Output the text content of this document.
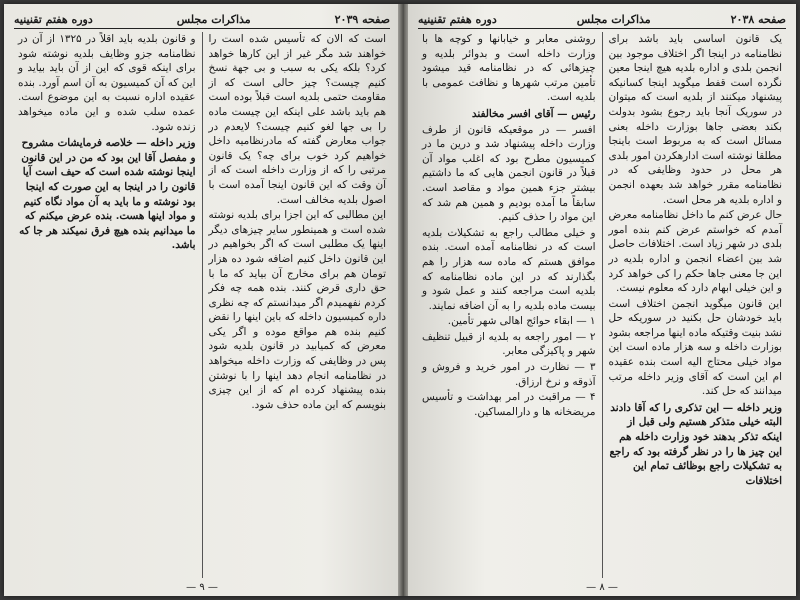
صفحه ۲۰۳۹
مذاکرات مجلس
دوره هفتم تقنینیه

است که الان که تأسیس شده است را خواهند شد مگر غیر از این کارها خواهد کرد؟ بلکه یکی به سبب و بی جهة نسخ کنیم چیست؟ چیز حالی است که از مقاومت حتمی بلدیه است قبلاً بوده است هم باید باشد علی اینکه این چیست ماده را بی جها لغو کنیم چیست؟ لایعدم در جواب معارض گفته که مادرنظامیه داخل خواهیم کرد خوب برای چه؟ یک قانون مرتبی را که از وزارت داخله است که از آن وقت که این قانون اینجا آمده است با اصول بلدیه مخالف است.

این مطالبی که این اجزا برای بلدیه نوشته شده است و همینطور سایر چیزهای دیگر اینها یک مطلبی است که اگر بخواهیم در این قانون داخل کنیم اضافه شود ده هزار تومان هم برای مخارج آن بیاید که ما با حق داری قرض کنند. بنده همه چه فکر کردم نفهمیدم اگر میدانستم که چه نظری داره کمیسیون داخله که باین اینها را نقض کنیم بنده هم مواقع موده و اگر یکی معرض که کمیابید در قانون بلدیه شود پس در وظایفی که وزارت داخله میخواهد در نظامنامه انجام دهد اینها را با نوشتن بنده پیشنهاد کرده ام که از این چیزی بنویسم که این ماده حذف شود.

و قانون بلدیه باید اقلاً در ۱۳۲۵ از آن در نظامنامه جزو وظایف بلدیه نوشته شود برای اینکه قوی که این از آن باید بیاید و این که آن کمیسیون به آن اسم آورد. بنده عقیده اداره نسبت به این موضوع است. عمده سلب شده و این ماده میخواهد زنده شود.

وزیر داخله — خلاصه فرمایشات مشروح و مفصل آقا این بود که من در این قانون اینجا نوشته شده است که حیف است آیا قانون را در اینجا به این صورت که اینجا بود نوشته و ما باید به آن مواد نگاه کنیم و مواد اینها هست. بنده عرض میکنم که ما میدانیم بنده هیچ فرق نمیکند هر جا که باشد.

— ۹ —
صفحه ۲۰۳۸
مذاکرات مجلس
دوره هفتم تقنینیه

یک قانون اساسی باید باشد برای نظامنامه در اینجا اگر اختلاف موجود بین انجمن بلدی و اداره بلدیه هیچ اینجا معین نگرده است قفط میگوید اینجا کسانیکه پیشنهاد میکنند از بلدیه است که میتوان در سوریک آنجا باید رجوع بشود بدولت بکند بعضی جاها بوزارت داخله بعنی مسائل است که به مربوط است باینجا مطلقا نوشته است ادارهکردن امور بلدی هر محل در حدود وظایفی که در نظامنامه مقرر خواهد شد بعهده انجمن و اداره بلدیه هر محل است.

حال عرض کنم ما داخل نظامنامه معرض آمدم که خواستم عرض کنم بنده امور بلدی در شهر زیاد است. اختلافات حاصل شد بین اعضاء انجمن و اداره بلدیه در این جا معنی جاها حکم را کی خواهد کرد و این خیلی ابهام دارد که معلوم نیست.

این قانون میگوید انجمن اختلاف است باید خودشان حل بکنید در سوریکه حل نشد بنیت وقتیکه ماده اینها مراجعه بشود بوزارت داخله و سه هزار ماده است این مواد خیلی محتاج الیه است بنده عقیده ام این است که آقای وزیر داخله مرتب میدانند که حل کند.

وزیر داخله — این تذکری را که آقا دادند البته خیلی متذکر هستیم ولی قبل از اینکه تذکر بدهند خود وزارت داخله هم این چیز ها را در نظر گرفته بود که راجع به تشکیلات راجع بوظائف تمام این اختلافات

روشنی معابر و خیابانها و کوچه ها با وزارت داخله است و بدوائر بلدیه و چیزهائی که در نظامنامه قید میشود تأمین مرتب شهرها و نظافت عمومی با بلدیه است.

رئیس — آقای افسر مخالفند

افسر — در موقعیکه قانون از طرف وزارت داخله پیشنهاد شد و درین ما در کمیسیون مطرح بود که اغلب مواد آن قبلاً در قانون انجمن هایی که ما داشتیم بیشتر جزء همین مواد و مقاصد است. سابقاً ما آمده بودیم و همین هم شد که این مواد را حذف کنیم.

و خیلی مطالب راجع به تشکیلات بلدیه است که در نظامنامه آمده است. بنده موافق هستم که ماده سه هزار را هم بگذارند که در این ماده نظامنامه که بلدیه است مراجعه کنند و عمل شود و بیست ماده بلدیه را به آن اضافه نمایند.

۱ — ابقاء حوائج اهالی شهر تأمین.

۲ — امور راجعه به بلدیه از قبیل تنظیف شهر و پاکیزگی معابر.

۳ — نظارت در امور خرید و فروش و آذوقه و نرخ ارزاق.

۴ — مراقبت در امر بهداشت و تأسیس مریضخانه ها و دارالمساکین.

— ۸ —
